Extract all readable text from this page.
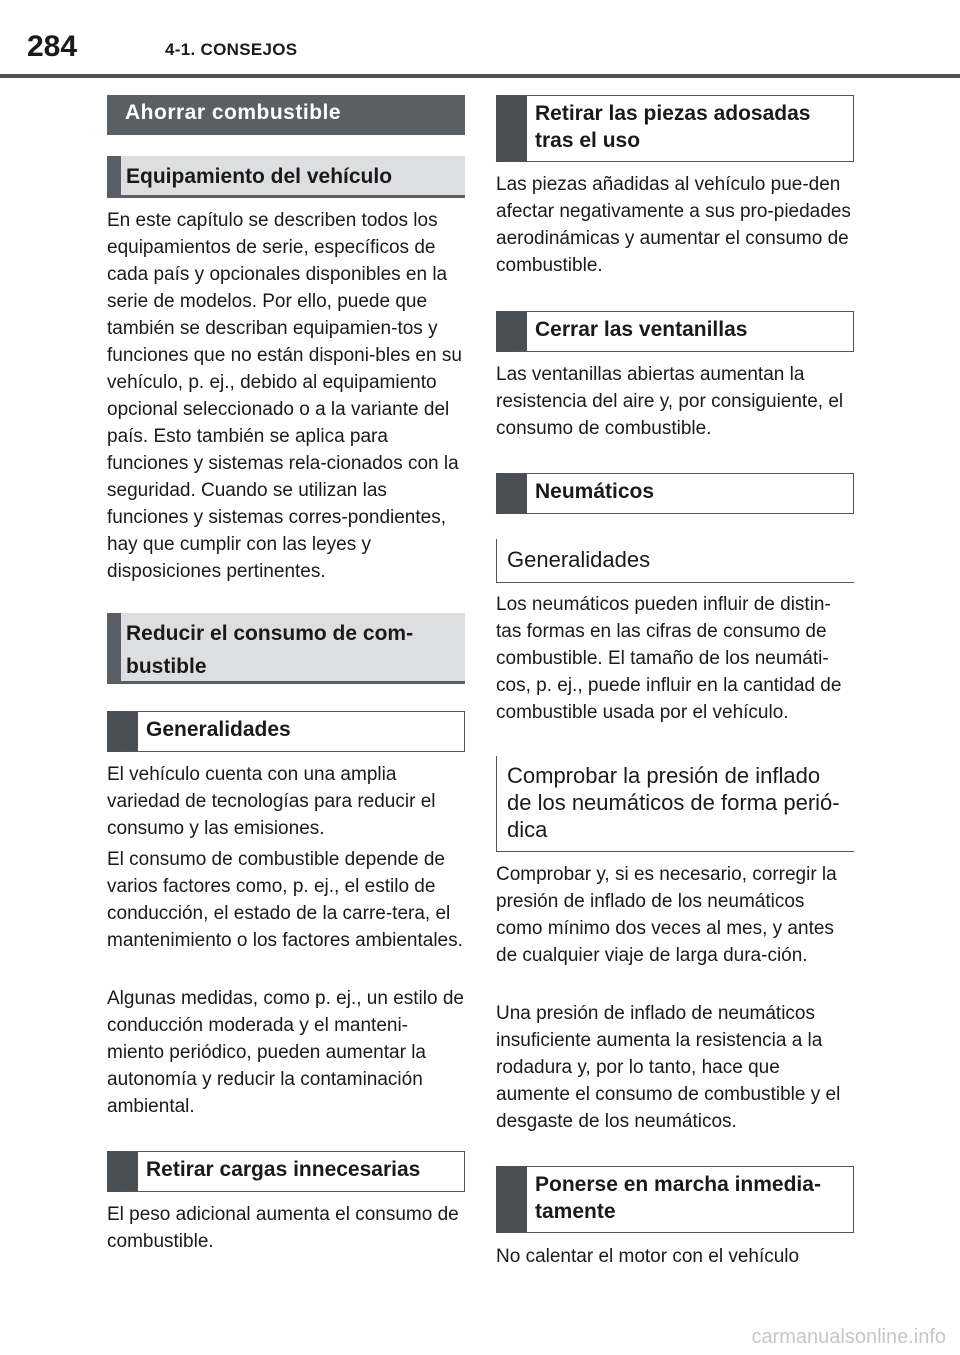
284	4-1. CONSEJOS
Ahorrar combustible
Equipamiento del vehículo
En este capítulo se describen todos los equipamientos de serie, específicos de cada país y opcionales disponibles en la serie de modelos. Por ello, puede que también se describan equipamien-tos y funciones que no están disponi-bles en su vehículo, p. ej., debido al equipamiento opcional seleccionado o a la variante del país. Esto también se aplica para funciones y sistemas rela-cionados con la seguridad. Cuando se utilizan las funciones y sistemas corres-pondientes, hay que cumplir con las leyes y disposiciones pertinentes.
Reducir el consumo de com-bustible
Generalidades
El vehículo cuenta con una amplia variedad de tecnologías para reducir el consumo y las emisiones.
El consumo de combustible depende de varios factores como, p. ej., el estilo de conducción, el estado de la carre-tera, el mantenimiento o los factores ambientales.
Algunas medidas, como p. ej., un estilo de conducción moderada y el manteni-miento periódico, pueden aumentar la autonomía y reducir la contaminación ambiental.
Retirar cargas innecesarias
El peso adicional aumenta el consumo de combustible.
Retirar las piezas adosadas tras el uso
Las piezas añadidas al vehículo pue-den afectar negativamente a sus pro-piedades aerodinámicas y aumentar el consumo de combustible.
Cerrar las ventanillas
Las ventanillas abiertas aumentan la resistencia del aire y, por consiguiente, el consumo de combustible.
Neumáticos
Generalidades
Los neumáticos pueden influir de distin-tas formas en las cifras de consumo de combustible. El tamaño de los neumáti-cos, p. ej., puede influir en la cantidad de combustible usada por el vehículo.
Comprobar la presión de inflado de los neumáticos de forma perió-dica
Comprobar y, si es necesario, corregir la presión de inflado de los neumáticos como mínimo dos veces al mes, y antes de cualquier viaje de larga dura-ción.
Una presión de inflado de neumáticos insuficiente aumenta la resistencia a la rodadura y, por lo tanto, hace que aumente el consumo de combustible y el desgaste de los neumáticos.
Ponerse en marcha inmedia-tamente
No calentar el motor con el vehículo
carmanualsonline.info
